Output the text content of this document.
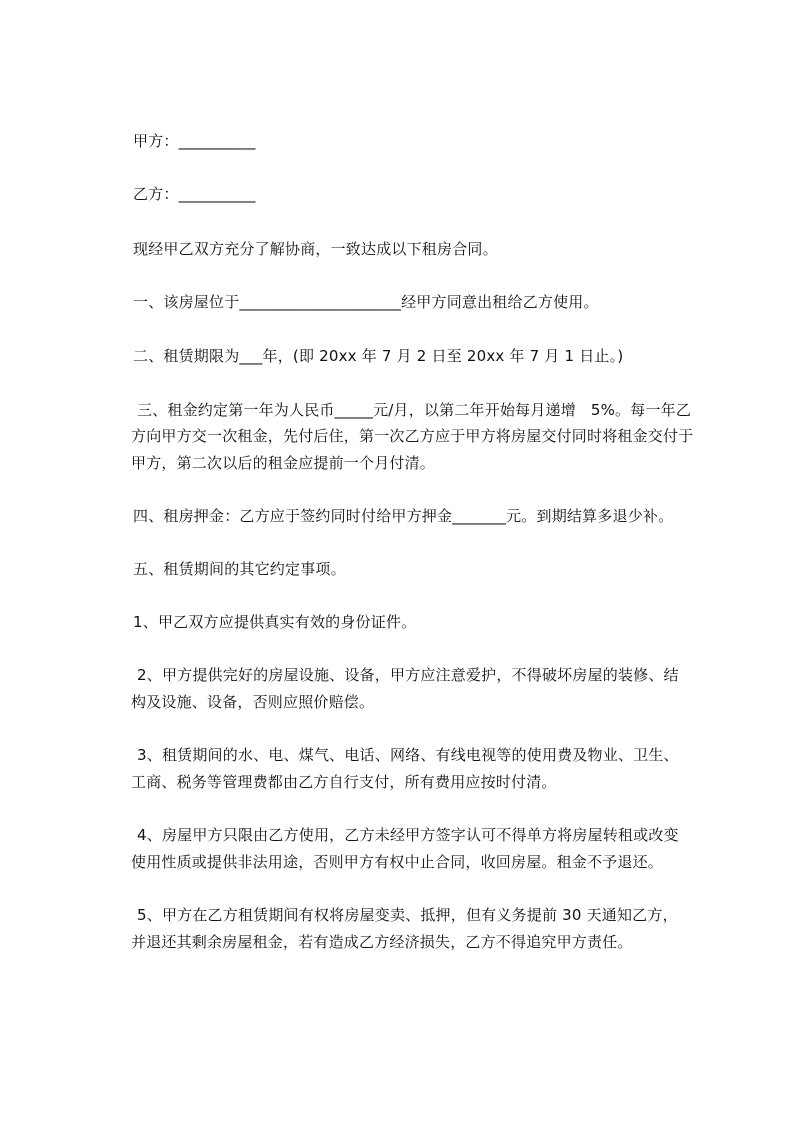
甲方：__________
乙方：__________
现经甲乙双方充分了解协商，一致达成以下租房合同。
一、该房屋位于_____________________经甲方同意出租给乙方使用。
二、租赁期限为___年，(即 20xx 年 7 月 2 日至 20xx 年 7 月 1 日止。)
三、租金约定第一年为人民币_____元/月，以第二年开始每月递增   5%。每一年乙
方向甲方交一次租金，先付后住，第一次乙方应于甲方将房屋交付同时将租金交付于
甲方，第二次以后的租金应提前一个月付清。
四、租房押金：乙方应于签约同时付给甲方押金_______元。到期结算多退少补。
五、租赁期间的其它约定事项。
1、甲乙双方应提供真实有效的身份证件。
2、甲方提供完好的房屋设施、设备，甲方应注意爱护，不得破坏房屋的装修、结
构及设施、设备，否则应照价赔偿。
3、租赁期间的水、电、煤气、电话、网络、有线电视等的使用费及物业、卫生、
工商、税务等管理费都由乙方自行支付，所有费用应按时付清。
4、房屋甲方只限由乙方使用，乙方未经甲方签字认可不得单方将房屋转租或改变
使用性质或提供非法用途，否则甲方有权中止合同，收回房屋。租金不予退还。
5、甲方在乙方租赁期间有权将房屋变卖、抵押，但有义务提前 30 天通知乙方，
并退还其剩余房屋租金，若有造成乙方经济损失，乙方不得追究甲方责任。
